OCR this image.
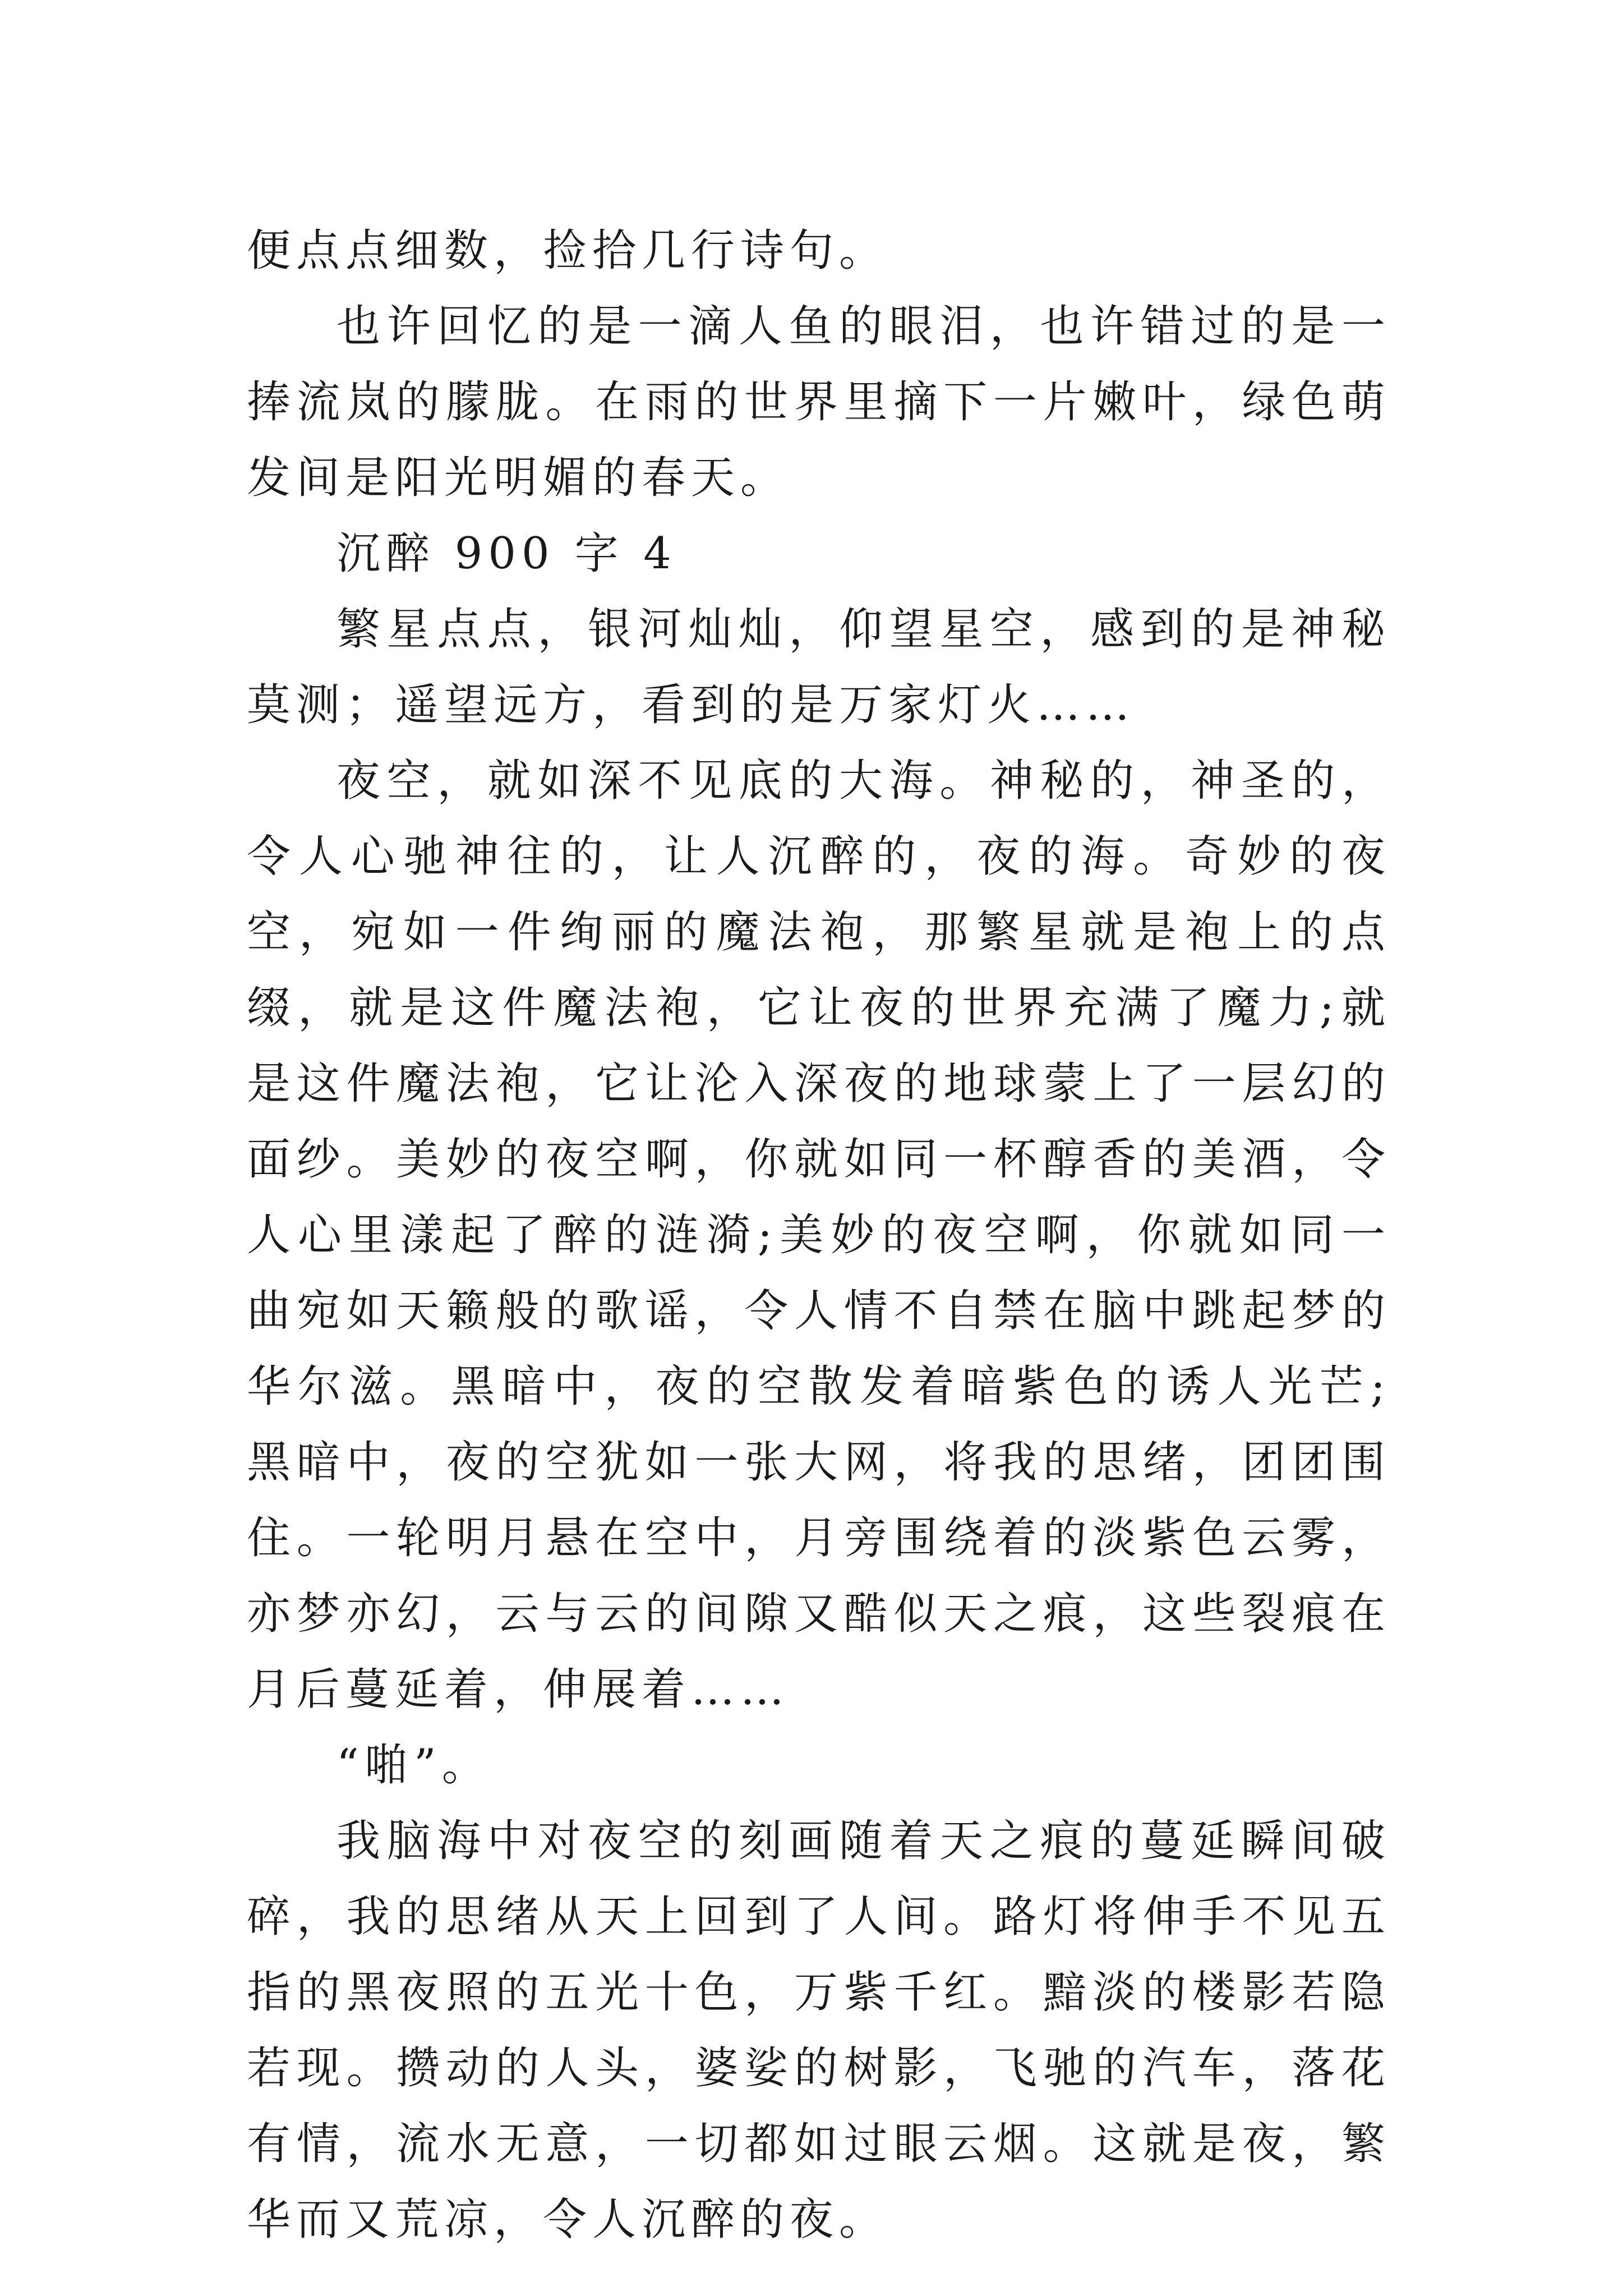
便点点细数，捡拾几行诗句。

也许回忆的是一滴人鱼的眼泪，也许错过的是一捧流岚的朦胧。在雨的世界里摘下一片嫩叶，绿色萌发间是阳光明媚的春天。

沉醉 900 字 4

繁星点点，银河灿灿，仰望星空，感到的是神秘莫测；遥望远方，看到的是万家灯火……

夜空，就如深不见底的大海。神秘的，神圣的，令人心驰神往的，让人沉醉的，夜的海。奇妙的夜空，宛如一件绚丽的魔法袍，那繁星就是袍上的点缀，就是这件魔法袍，它让夜的世界充满了魔力;就是这件魔法袍，它让沦入深夜的地球蒙上了一层幻的面纱。美妙的夜空啊，你就如同一杯醇香的美酒，令人心里漾起了醉的涟漪;美妙的夜空啊，你就如同一曲宛如天籁般的歌谣，令人情不自禁在脑中跳起梦的华尔滋。黑暗中，夜的空散发着暗紫色的诱人光芒;黑暗中，夜的空犹如一张大网，将我的思绪，团团围住。一轮明月悬在空中，月旁围绕着的淡紫色云雾，亦梦亦幻，云与云的间隙又酷似天之痕，这些裂痕在月后蔓延着，伸展着……

“啪”。

我脑海中对夜空的刻画随着天之痕的蔓延瞬间破碎，我的思绪从天上回到了人间。路灯将伸手不见五指的黑夜照的五光十色，万紫千红。黯淡的楼影若隐若现。攒动的人头，婆娑的树影，飞驰的汽车，落花有情，流水无意，一切都如过眼云烟。这就是夜，繁华而又荒凉，令人沉醉的夜。
